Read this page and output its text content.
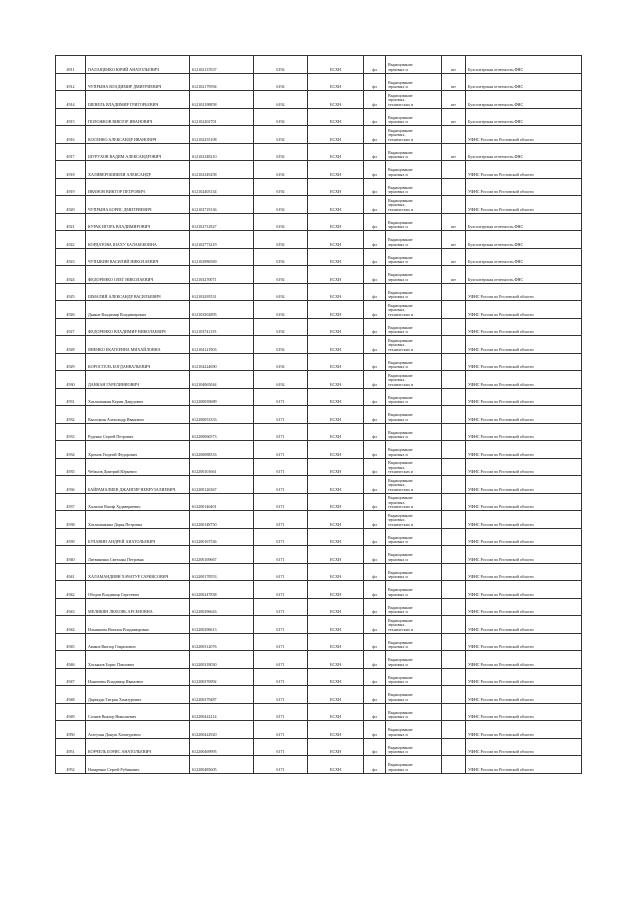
4911	ПАЛАЩЕНКО ЮРИЙ АНАТОЛЬЕВИЧ	612102137637	6192	ЕСХН	фл	Выращивание
зерновых и	шт	Бухгалтерская отчетность,ФНС
4912	ЧУПРЫНА ВЛАДИМИР ДМИТРИЕВИЧ	612102179594	6192	ЕСХН	фл	Выращивание
зерновых и	шт	Бухгалтерская отчетность,ФНС
4914	ШЕВЕЛЬ ВЛАДИМИР ГРИГОРЬЕВИЧ	612102198858	6192	ЕСХН	фл	Выращивание
зерновых,
технических и	шт	Бухгалтерская отчетность,ФНС
4915	ПОЛОЖКОВ ВИКТОР ИВАНОВИЧ	612102202701	6192	ЕСХН	фл	Выращивание
зерновых и	шт	Бухгалтерская отчетность,ФНС
4916	КОСЕНКО АЛЕКСАНДР ИВАНОВИЧ	612102255108	6192	ЕСХН	фл	Выращивание
зерновых,
технических и		УФНС России по Ростовской области
4917	ШУРУХОВ ВАДИМ АЛЕКСАНДРОВИЧ	612102348210	6192	ЕСХН	фл	Выращивание
зерновых и	шт	Бухгалтерская отчетность,ФНС
4918	ХАЛЯВЕРОШВИЛИ АЛЕКСАНДР	612102349258	6192	ЕСХН	фл	Выращивание
зерновых и		УФНС России по Ростовской области
4919	ИВАНОВ ВИКТОР ПЕТРОВИЧ	612102405134	6192	ЕСХН	фл	Выращивание
зерновых и		УФНС России по Ростовской области
4920	ЧУПРЫНА БОРИС ДМИТРИЕВИЧ	612102719136	6192	ЕСХН	фл	Выращивание
зерновых,
технических и		УФНС России по Ростовской области
4921	КУРАК ИГОРЬ ВЛАДИМИРОВИЧ	612102731827	6192	ЕСХН	фл	Выращивание
зерновых и	шт	Бухгалтерская отчетность,ФНС
4922	КОРДАТОВА ШАХУ БАЛАБЕКОВНА	612102773219	6192	ЕСХН	фл	Выращивание
зерновых и	шт	Бухгалтерская отчетность,ФНС
4923	ЧУПЫКИН ВАСИЛИЙ НИКОЛАЕВИЧ	612102986569	6192	ЕСХН	фл	Выращивание
зерновых и	шт	Бухгалтерская отчетность,ФНС
4924	ФЕДОРЕНКО ОЛЕГ НИКОЛАЕВИЧ	612103270071	6192	ЕСХН	фл	Выращивание
зерновых и	шт	Бухгалтерская отчетность,ФНС
4925	ШМАЛИЙ АЛЕКСАНДР ВАСИЛЬЕВИЧ	612103295531	6192	ЕСХН	фл	Выращивание
зерновых и		УФНС России по Ростовской области
4926	Дьяков Владимир Владимирович	612103502895	6192	ЕСХН	фл	Выращивание
зерновых,
технических и		УФНС России по Ростовской области
4927	ФЕДОРЕНКО ВЛАДИМИР НИКОЛАЕВИЧ	612103741155	6192	ЕСХН	фл	Выращивание
зерновых и		УФНС России по Ростовской области
4928	ЯНЕНКО ЕКАТЕРИНА МИХАЙЛОВНА	612104121903	6192	ЕСХН	фл	Выращивание
зерновых,
технических и		УФНС России по Ростовской области
4929	КОРОСТЕЛЬ БОГДАНВАЛЬЕВИЧ	612104224690	6192	ЕСХН	фл	Выращивание
зерновых и		УФНС России по Ростовской области
4930	ДАНКАН ГАРЕЛИНИОВИЧ	612104065044	6192	ЕСХН	фл	Выращивание
зерновых,
технических и		УФНС России по Ростовской области
4931	Хатламанкин Керим Давудович	612200039689	6171	ЕСХН	фл	Выращивание
зерновых и		УФНС России по Ростовской области
4932	Высоцкин Александр Иванович	612200053333	6171	ЕСХН	фл	Выращивание
зерновых и		УФНС России по Ростовской области
4933	Руденко Сергей Петрович	612200066573	6171	ЕСХН	фл	Выращивание
зерновых и		УФНС России по Ростовской области
4934	Хромов Георгий Федорович	612200088533	6171	ЕСХН	фл	Выращивание
зерновых и		УФНС России по Ростовской области
4935	Чебанов Дмитрий Юрьевич	612200101661	6171	ЕСХН	фл	Выращивание
зерновых,
технических и		УФНС России по Ростовской области
4936	БАЙРАМАЛИЕВ ДЖАНГИР НЕВРУЗАЛИЕВИЧ	612200126367	6171	ЕСХН	фл	Выращивание
зерновых,
технических и		УФНС России по Ростовской области
4937	Халилов Вагиф Худавериевич	612200146401	6171	ЕСХН	фл	Выращивание
зерновых,
технических и		УФНС России по Ростовской области
4938	Хатламанкина Дарья Петровна	612200148750	6171	ЕСХН	фл	Выращивание
зерновых,
технических и		УФНС России по Ростовской области
4939	БУЛАВИН АНДРЕЙ АНАТОЛЬЕВИЧ	612200167536	6171	ЕСХН	фл	Выращивание
зерновых и		УФНС России по Ростовской области
4940	Литвиненко Светлана Петровна	612200169667	6171	ЕСХН	фл	Выращивание
зерновых и		УФНС России по Ростовской области
4941	ХАЛАМАНДИЯН ХАЧАТУР САРКИСОВИЧ	612200178553	6171	ЕСХН	фл	Выращивание
зерновых и		УФНС России по Ростовской области
4942	Ободов Владимир Сергеевич	612200247838	6171	ЕСХН	фл	Выращивание
зерновых и		УФНС России по Ростовской области
4943	МЕЛИКЯН ЛЮБОВЬ АРСЕНОВНА	612200296643	6171	ЕСХН	фл	Выращивание
зерновых и		УФНС России по Ростовской области
4944	Ильинкова Наталья Владимировна	612200296613	6171	ЕСХН	фл	Выращивание
зерновых,
технических и		УФНС России по Ростовской области
4945	Аваков Виктор Генрихович	612200312076	6171	ЕСХН	фл	Выращивание
зерновых и		УФНС России по Ростовской области
4946	Хасьянов Борис Павлович	612200318030	6171	ЕСХН	фл	Выращивание
зерновых и		УФНС России по Ростовской области
4947	Ионичевы Владимир Иванович	612200376992	6171	ЕСХН	фл	Выращивание
зерновых и		УФНС России по Ростовской области
4948	Даракуди Тигран Хачатурович	612200379487	6171	ЕСХН	фл	Выращивание
зерновых и		УФНС России по Ростовской области
4949	Сочнев Виктор Николаевич	612200422214	6171	ЕСХН	фл	Выращивание
зерновых и		УФНС России по Ростовской области
4950	Агагулян Дануш Хачатурович	612200422920	6171	ЕСХН	фл	Выращивание
зерновых и		УФНС России по Ростовской области
4951	КОРЧЕЛЬ БОРИС АНАТОЛЬЕВИЧ	612200469995	6171	ЕСХН	фл	Выращивание
зерновых и		УФНС России по Ростовской области
4952	Назаренко Сергей Рубинович	612200485605	6171	ЕСХН	фл	Выращивание
зерновых и		УФНС России по Ростовской области
